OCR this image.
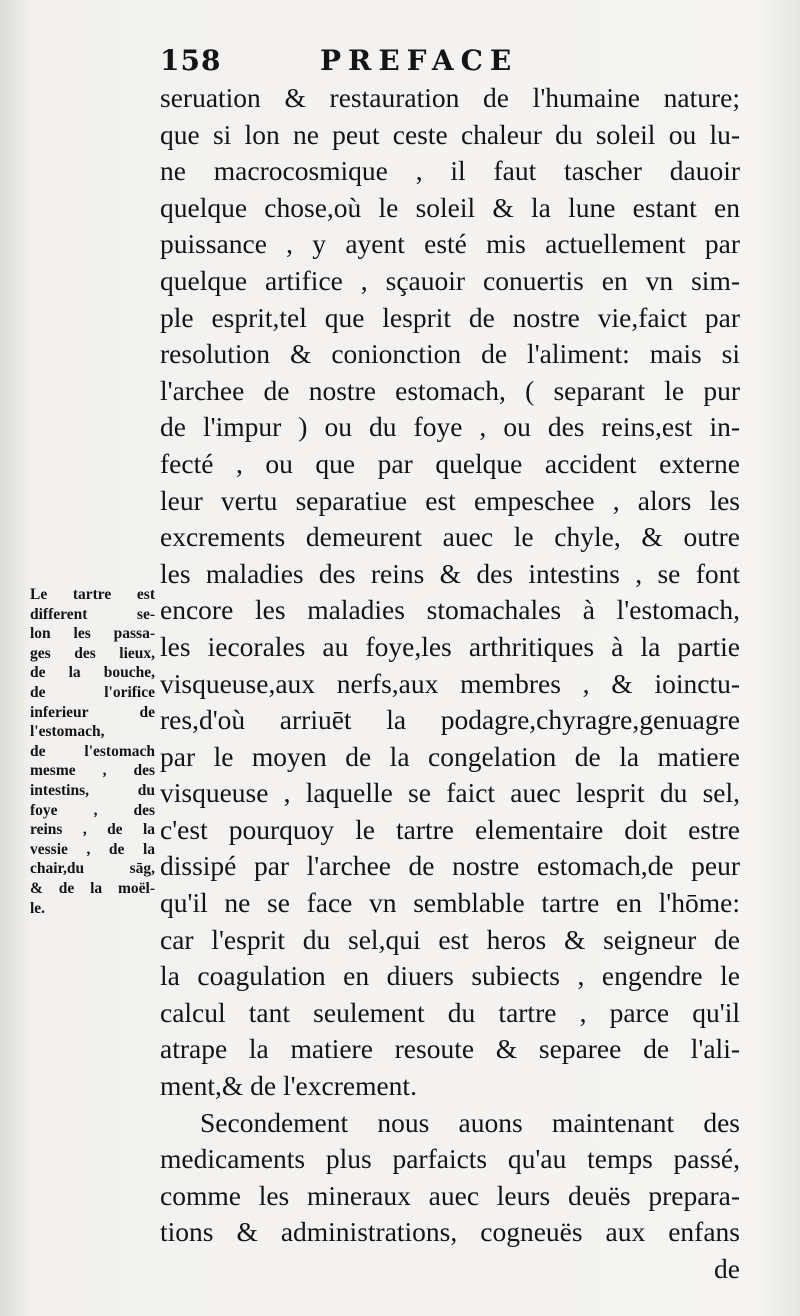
158	PREFACE
seruation & restauration de l'humaine nature;
que si lon ne peut ceste chaleur du soleil ou lu-
ne macrocosmique , il faut tascher dauoir
quelque chose,où le soleil & la lune estant en
puissance , y ayent esté mis actuellement par
quelque artifice , sçauoir conuertis en vn sim-
ple esprit,tel que lesprit de nostre vie,faict par
resolution & conionction de l'aliment: mais si
l'archee de nostre estomach, ( separant le pur
de l'impur ) ou du foye , ou des reins,est in-
fecté , ou que par quelque accident externe
leur vertu separatiue est empeschee , alors les
excrements demeurent auec le chyle, & outre
les maladies des reins & des intestins , se font
encore les maladies stomachales à l'estomach,
les iecorales au foye,les arthritiques à la partie
visqueuse,aux nerfs,aux membres , & ioinctu-
res,d'où arriuēt la podagre,chyragre,genuagre
par le moyen de la congelation de la matiere
visqueuse , laquelle se faict auec lesprit du sel,
c'est pourquoy le tartre elementaire doit estre
dissipé par l'archee de nostre estomach,de peur
qu'il ne se face vn semblable tartre en l'hōme:
car l'esprit du sel,qui est heros & seigneur de
la coagulation en diuers subiects , engendre le
calcul tant seulement du tartre , parce qu'il
atrape la matiere resoute & separee de l'ali-
ment,& de l'excrement.
Secondement nous auons maintenant des
medicaments plus parfaicts qu'au temps passé,
comme les mineraux auec leurs deuës prepara-
tions & administrations, cogneuës aux enfans
de
Le tartre est
different se-
lon les passa-
ges des lieux,
de la bouche,
de l'orifice
inferieur de
l'estomach,
de l'estomach
mesme , des
intestins, du
foye , des
reins , de la
vessie , de la
chair,du sāg,
& de la moël-
le.
